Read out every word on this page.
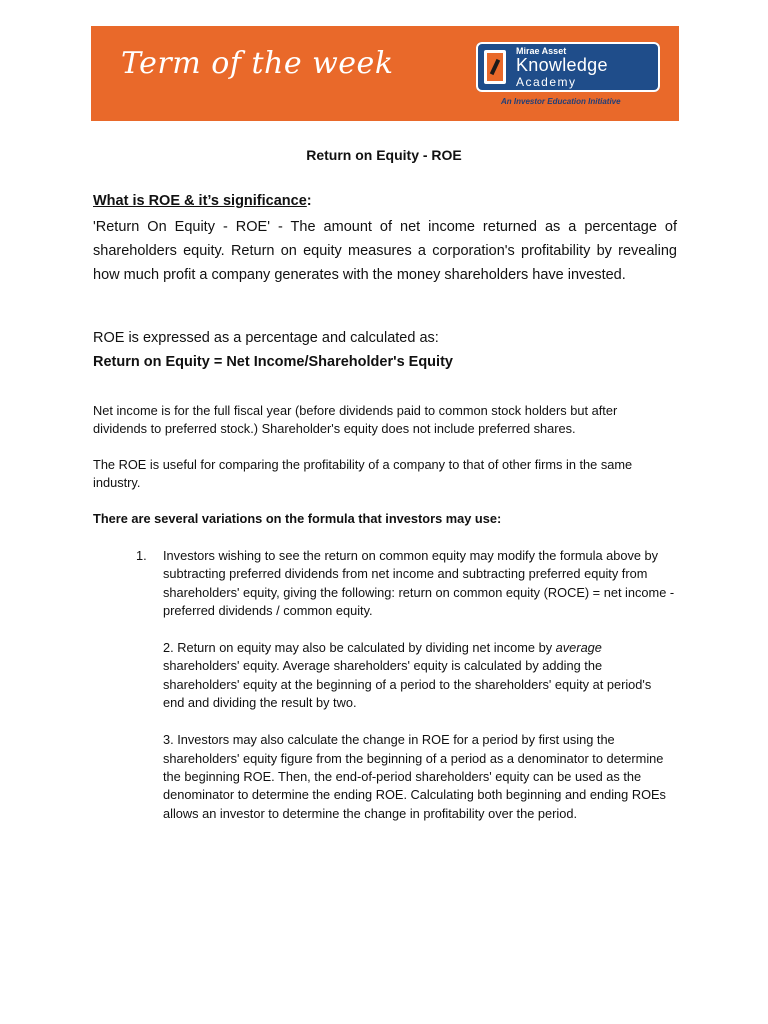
Term of the week	Mirae Asset
Knowledge
Academy
An Investor Education Initiative
Return on Equity - ROE

What is ROE & it’s significance:

'Return On Equity - ROE' - The amount of net income returned as a percentage of shareholders equity. Return on equity measures a corporation's profitability by revealing how much profit a company generates with the money shareholders have invested.

ROE is expressed as a percentage and calculated as:

Return on Equity = Net Income/Shareholder's Equity

Net income is for the full fiscal year (before dividends paid to common stock holders but after dividends to preferred stock.) Shareholder's equity does not include preferred shares.

The ROE is useful for comparing the profitability of a company to that of other firms in the same industry.

There are several variations on the formula that investors may use:

1. Investors wishing to see the return on common equity may modify the formula above by subtracting preferred dividends from net income and subtracting preferred equity from shareholders' equity, giving the following: return on common equity (ROCE) = net income - preferred dividends / common equity.
2. Return on equity may also be calculated by dividing net income by average shareholders' equity. Average shareholders' equity is calculated by adding the shareholders' equity at the beginning of a period to the shareholders' equity at period's end and dividing the result by two.
3. Investors may also calculate the change in ROE for a period by first using the shareholders' equity figure from the beginning of a period as a denominator to determine the beginning ROE. Then, the end-of-period shareholders' equity can be used as the denominator to determine the ending ROE. Calculating both beginning and ending ROEs allows an investor to determine the change in profitability over the period.
